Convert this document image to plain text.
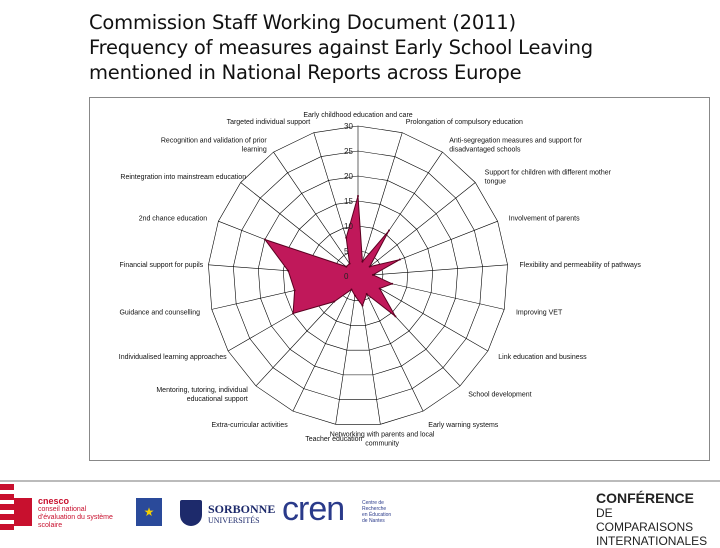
Commission Staff Working Document (2011)
Frequency of measures against Early School Leaving
mentioned in National Reports across Europe
0
5
10
15
20
25
30
Early childhood education and care
Prolongation of compulsory education
Anti-segregation measures and support for
disadvantaged schools
Support for children with different mother
tongue
Involvement of parents
Flexibility and permeability of pathways
Improving VET
Link education and business
School development
Early warning systems
Networking with parents and local
community
Teacher education
Extra-curricular activities
Mentoring, tutoring, individual
educational support
Individualised learning approaches
Guidance and counselling
Financial support for pupils
2nd chance education
Reintegration into mainstream education
Recognition and validation of prior
learning
Targeted individual support
cnesco
conseil national d'évaluation du système scolaire
★	SORBONNE
UNIVERSITÉS cren	Centre de Recherche en Éducation de Nantes
CONFÉRENCE
DE COMPARAISONS
INTERNATIONALES
